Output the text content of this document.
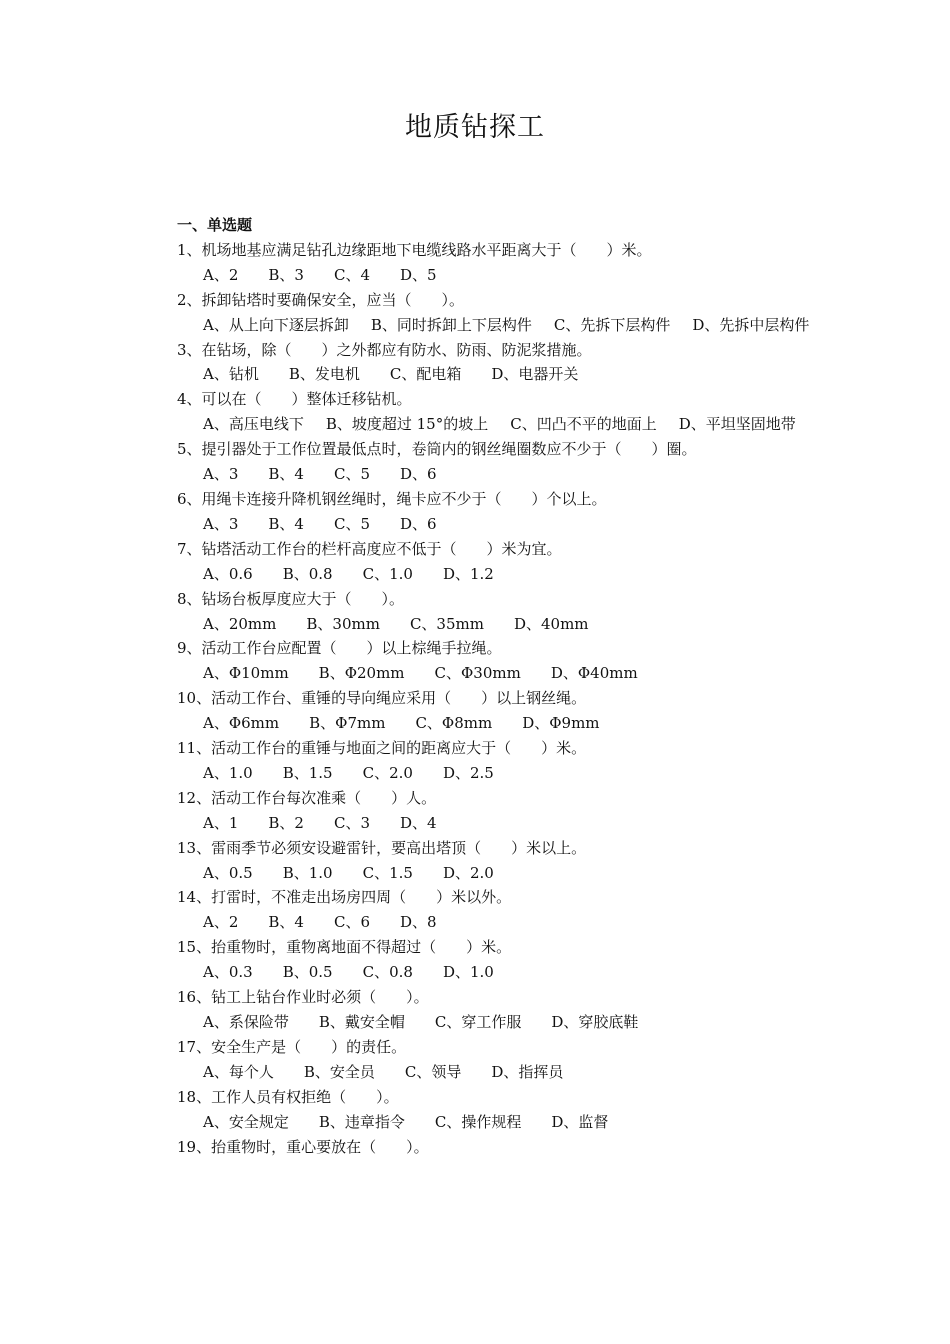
地质钻探工
一、单选题
1、机场地基应满足钻孔边缘距地下电缆线路水平距离大于（　　）米。
A、2 B、3 C、4 D、5
2、拆卸钻塔时要确保安全，应当（　　）。
A、从上向下逐层拆卸 B、同时拆卸上下层构件 C、先拆下层构件 D、先拆中层构件
3、在钻场，除（　　）之外都应有防水、防雨、防泥浆措施。
A、钻机 B、发电机 C、配电箱 D、电器开关
4、可以在（　　）整体迁移钻机。
A、高压电线下 B、坡度超过 15°的坡上 C、凹凸不平的地面上 D、平坦坚固地带
5、提引器处于工作位置最低点时，卷筒内的钢丝绳圈数应不少于（　　）圈。
A、3 B、4 C、5 D、6
6、用绳卡连接升降机钢丝绳时，绳卡应不少于（　　）个以上。
A、3 B、4 C、5 D、6
7、钻塔活动工作台的栏杆高度应不低于（　　）米为宜。
A、0.6 B、0.8 C、1.0 D、1.2
8、钻场台板厚度应大于（　　）。
A、20mm B、30mm C、35mm D、40mm
9、活动工作台应配置（　　）以上棕绳手拉绳。
A、Φ10mm B、Φ20mm C、Φ30mm D、Φ40mm
10、活动工作台、重锤的导向绳应采用（　　）以上钢丝绳。
A、Φ6mm B、Φ7mm C、Φ8mm D、Φ9mm
11、活动工作台的重锤与地面之间的距离应大于（　　）米。
A、1.0 B、1.5 C、2.0 D、2.5
12、活动工作台每次准乘（　　）人。
A、1 B、2 C、3 D、4
13、雷雨季节必须安设避雷针，要高出塔顶（　　）米以上。
A、0.5 B、1.0 C、1.5 D、2.0
14、打雷时，不准走出场房四周（　　）米以外。
A、2 B、4 C、6 D、8
15、抬重物时，重物离地面不得超过（　　）米。
A、0.3 B、0.5 C、0.8 D、1.0
16、钻工上钻台作业时必须（　　）。
A、系保险带 B、戴安全帽 C、穿工作服 D、穿胶底鞋
17、安全生产是（　　）的责任。
A、每个人 B、安全员 C、领导 D、指挥员
18、工作人员有权拒绝（　　）。
A、安全规定 B、违章指令 C、操作规程 D、监督
19、抬重物时，重心要放在（　　）。
